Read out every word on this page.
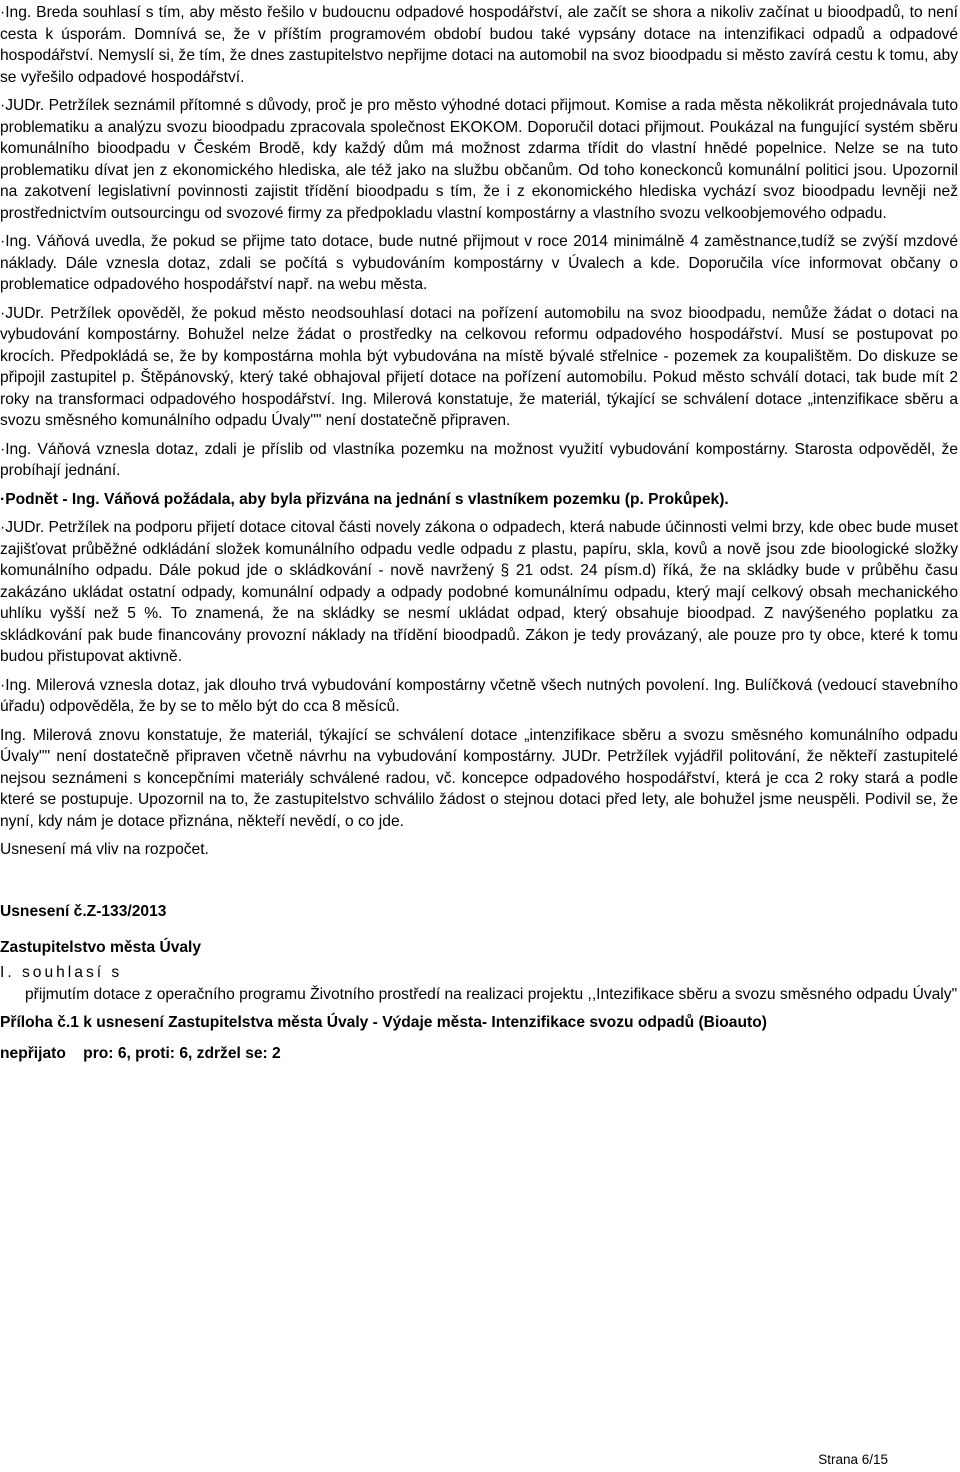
·Ing. Breda souhlasí s tím, aby město řešilo v budoucnu odpadové hospodářství, ale začít se shora a nikoliv začínat u bioodpadů, to není cesta k úsporám. Domnívá se, že v příštím programovém období budou také vypsány dotace na intenzifikaci odpadů a odpadové hospodářství. Nemyslí si, že tím, že dnes zastupitelstvo nepřijme dotaci na automobil na svoz bioodpadu si město zavírá cestu k tomu, aby se vyřešilo odpadové hospodářství.

·JUDr. Petržílek seznámil přítomné s důvody, proč je pro město výhodné dotaci přijmout. Komise a rada města několikrát projednávala tuto problematiku a analýzu svozu bioodpadu zpracovala společnost EKOKOM. Doporučil dotaci přijmout. Poukázal na fungující systém sběru komunálního bioodpadu v Českém Brodě, kdy každý dům má možnost zdarma třídit do vlastní hnědé popelnice. Nelze se na tuto problematiku dívat jen z ekonomického hlediska, ale též jako na službu občanům. Od toho koneckonců komunální politici jsou. Upozornil na zakotvení legislativní povinnosti zajistit třídění bioodpadu s tím, že i z ekonomického hlediska vychází svoz bioodpadu levněji než prostřednictvím outsourcingu od svozové firmy za předpokladu vlastní kompostárny a vlastního svozu velkoobjemového odpadu.

·Ing. Váňová uvedla, že pokud se přijme tato dotace, bude nutné přijmout v roce 2014 minimálně 4 zaměstnance,tudíž se zvýší mzdové náklady. Dále vznesla dotaz, zdali se počítá s vybudováním kompostárny v Úvalech a kde. Doporučila více informovat občany o problematice odpadového hospodářství např. na webu města.

·JUDr. Petržílek opověděl, že pokud město neodsouhlasí dotaci na pořízení automobilu na svoz bioodpadu, nemůže žádat o dotaci na vybudování kompostárny. Bohužel nelze žádat o prostředky na celkovou reformu odpadového hospodářství. Musí se postupovat po krocích. Předpokládá se, že by kompostárna mohla být vybudována na místě bývalé střelnice - pozemek za koupalištěm. Do diskuze se připojil zastupitel p. Štěpánovský, který také obhajoval přijetí dotace na pořízení automobilu. Pokud město schválí dotaci, tak bude mít 2 roky na transformaci odpadového hospodářství. Ing. Milerová konstatuje, že materiál, týkající se schválení dotace „intenzifikace sběru a svozu směsného komunálního odpadu Úvaly"" není dostatečně připraven.

·Ing. Váňová vznesla dotaz, zdali je příslib od vlastníka pozemku na možnost využití vybudování kompostárny. Starosta odpověděl, že probíhají jednání.

·Podnět - Ing. Váňová požádala, aby byla přizvána na jednání s vlastníkem pozemku (p. Prokůpek).

·JUDr. Petržílek na podporu přijetí dotace citoval části novely zákona o odpadech, která nabude účinnosti velmi brzy, kde obec bude muset zajišťovat průběžné odkládání složek komunálního odpadu vedle odpadu z plastu, papíru, skla, kovů a nově jsou zde bioologické složky komunálního odpadu. Dále pokud jde o skládkování - nově navržený § 21 odst. 24 písm.d) říká, že na skládky bude v průběhu času zakázáno ukládat ostatní odpady, komunální odpady a odpady podobné komunálnímu odpadu, který mají celkový obsah mechanického uhlíku vyšší než 5 %. To znamená, že na skládky se nesmí ukládat odpad, který obsahuje bioodpad. Z navýšeného poplatku za skládkování pak bude financovány provozní náklady na třídění bioodpadů. Zákon je tedy provázaný, ale pouze pro ty obce, které k tomu budou přistupovat aktivně.

·Ing. Milerová vznesla dotaz, jak dlouho trvá vybudování kompostárny včetně všech nutných povolení. Ing. Bulíčková (vedoucí stavebního úřadu) odpověděla, že by se to mělo být do cca 8 měsíců.

Ing. Milerová znovu konstatuje, že materiál, týkající se schválení dotace „intenzifikace sběru a svozu směsného komunálního odpadu Úvaly"" není dostatečně připraven včetně návrhu na vybudování kompostárny. JUDr. Petržílek vyjádřil politování, že někteří zastupitelé nejsou seznámeni s koncepčními materiály schválené radou, vč. koncepce odpadového hospodářství, která je cca 2 roky stará a podle které se postupuje. Upozornil na to, že zastupitelstvo schválilo žádost o stejnou dotaci před lety, ale bohužel jsme neuspěli. Podivil se, že nyní, kdy nám je dotace přiznána, někteří nevědí, o co jde.

Usnesení má vliv na rozpočet.

Usnesení č.Z-133/2013
Zastupitelstvo města Úvaly
I. souhlasí s

přijmutím dotace z operačního programu Životního prostředí na realizaci projektu ,,Intezifikace sběru a svozu směsného odpadu Úvaly"

Příloha č.1 k usnesení Zastupitelstva města Úvaly - Výdaje města- Intenzifikace svozu odpadů (Bioauto)
nepřijato    pro: 6, proti: 6, zdržel se: 2
Strana 6/15
